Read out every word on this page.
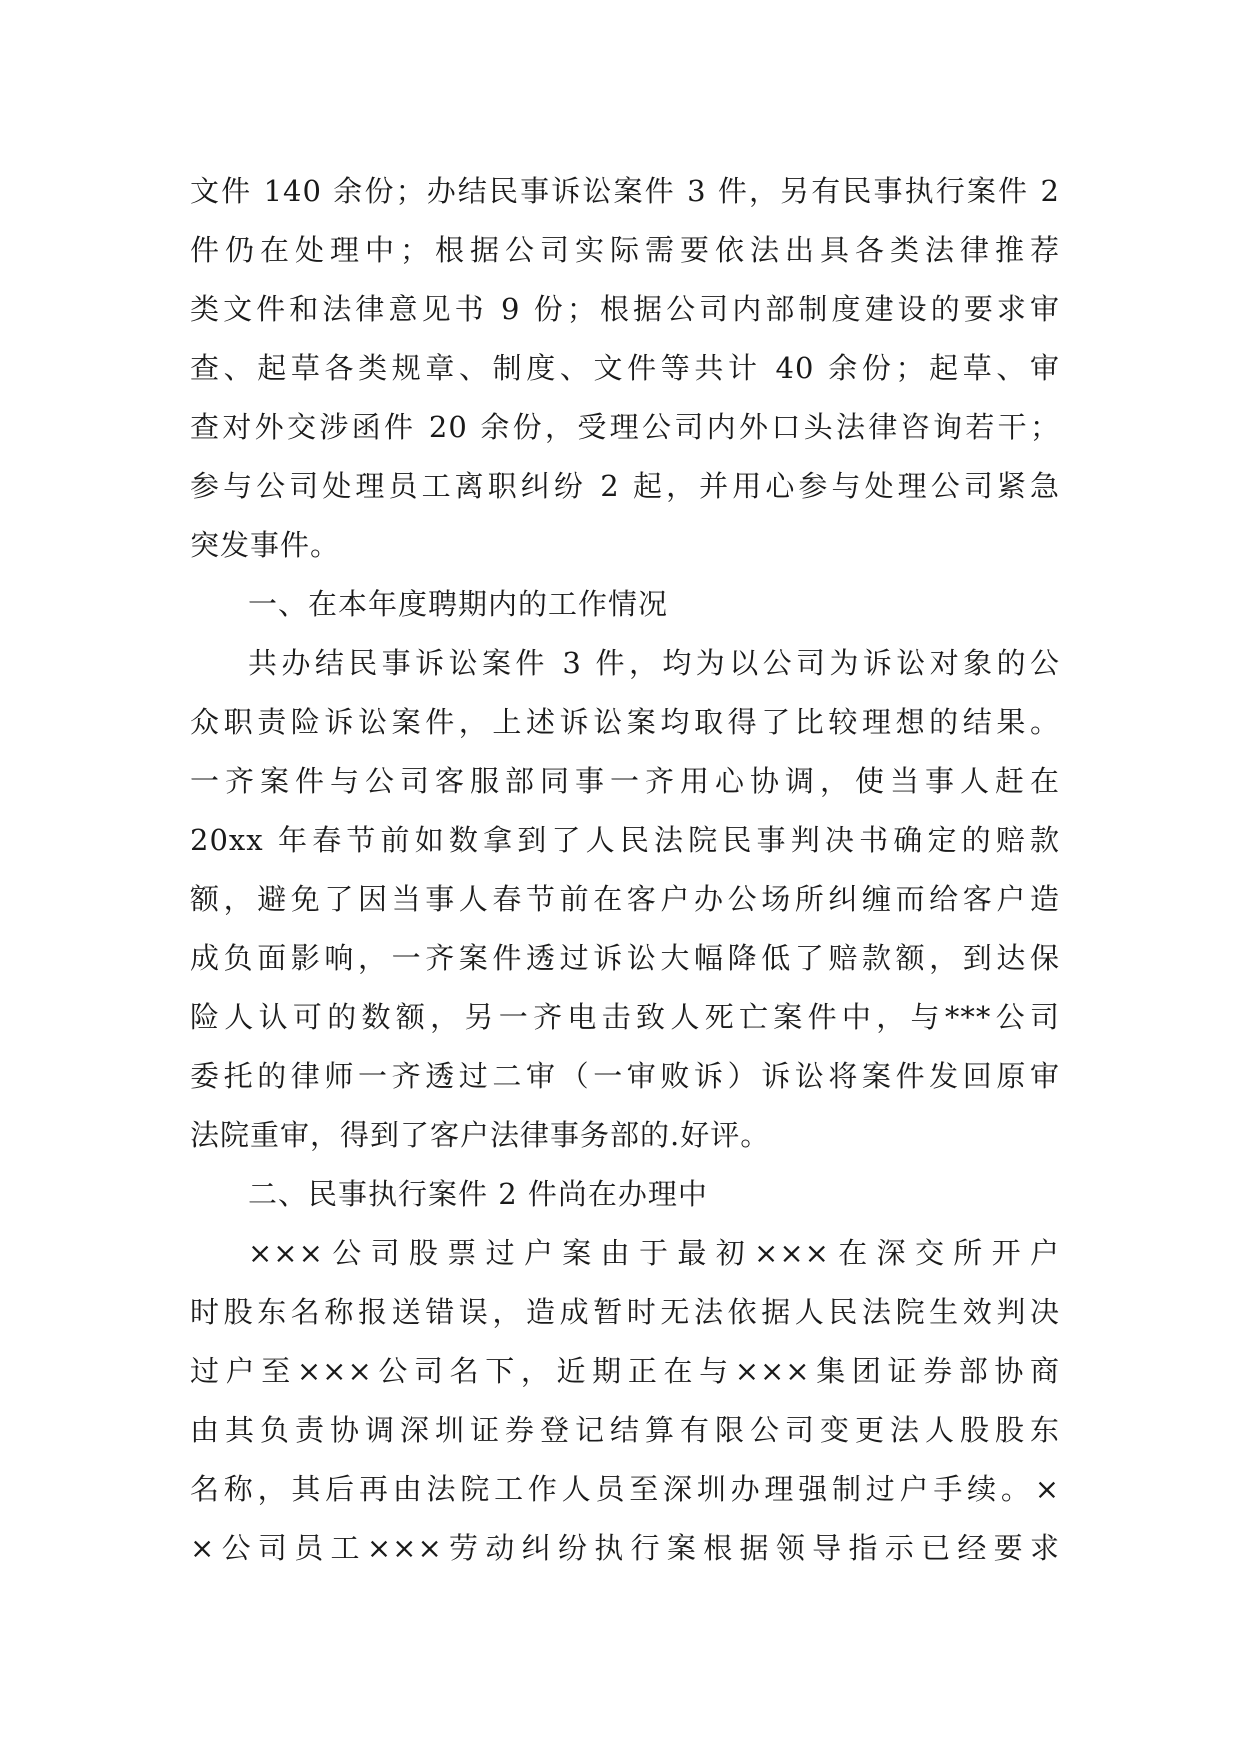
文件 140 余份；办结民事诉讼案件 3 件，另有民事执行案件 2
件仍在处理中；根据公司实际需要依法出具各类法律推荐
类文件和法律意见书 9 份；根据公司内部制度建设的要求审
查、起草各类规章、制度、文件等共计 40 余份；起草、审
查对外交涉函件 20 余份，受理公司内外口头法律咨询若干；
参与公司处理员工离职纠纷 2 起，并用心参与处理公司紧急
突发事件。
一、在本年度聘期内的工作情况
共办结民事诉讼案件 3 件，均为以公司为诉讼对象的公
众职责险诉讼案件，上述诉讼案均取得了比较理想的结果。
一齐案件与公司客服部同事一齐用心协调，使当事人赶在
20xx 年春节前如数拿到了人民法院民事判决书确定的赔款
额，避免了因当事人春节前在客户办公场所纠缠而给客户造
成负面影响，一齐案件透过诉讼大幅降低了赔款额，到达保
险人认可的数额，另一齐电击致人死亡案件中，与***公司
委托的律师一齐透过二审（一审败诉）诉讼将案件发回原审
法院重审，得到了客户法律事务部的.好评。
二、民事执行案件 2 件尚在办理中
×××公司股票过户案由于最初×××在深交所开户
时股东名称报送错误，造成暂时无法依据人民法院生效判决
过户至×××公司名下，近期正在与×××集团证券部协商
由其负责协调深圳证券登记结算有限公司变更法人股股东
名称，其后再由法院工作人员至深圳办理强制过户手续。×
×公司员工×××劳动纠纷执行案根据领导指示已经要求
